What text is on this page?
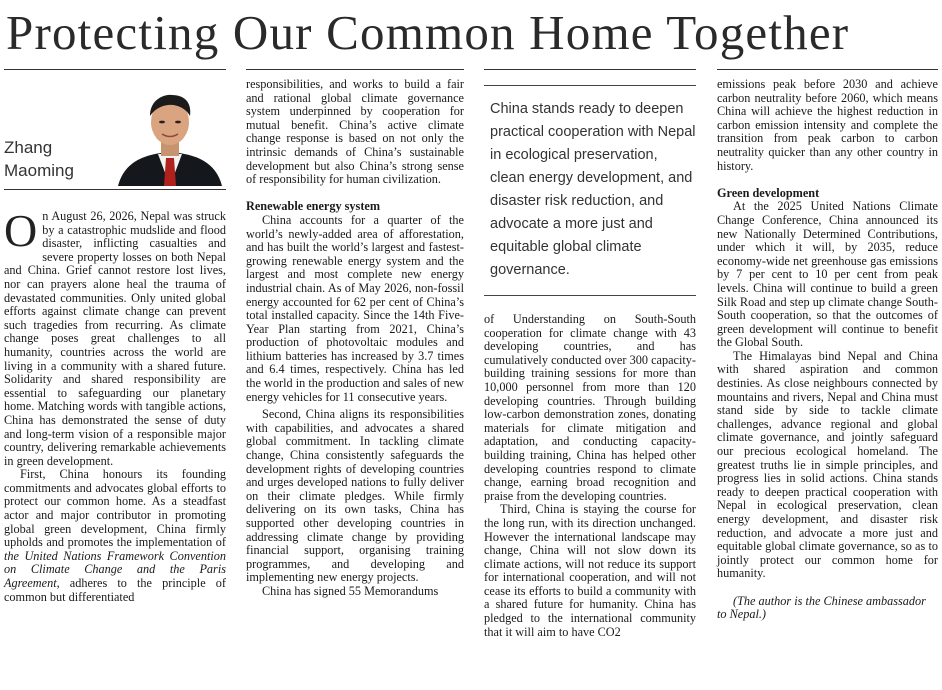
Protecting Our Common Home Together
Zhang
Maoming

On August 26, 2026, Nepal was struck by a catastrophic mudslide and flood disaster, inflicting casualties and severe property losses on both Nepal and China. Grief cannot restore lost lives, nor can prayers alone heal the trauma of devastated communities. Only united global efforts against climate change can prevent such tragedies from recurring. As climate change poses great challenges to all humanity, countries across the world are living in a community with a shared future. Solidarity and shared responsibility are essential to safeguarding our planetary home. Matching words with tangible actions, China has demonstrated the sense of duty and long-term vision of a responsible major country, delivering remarkable achievements in green development.

First, China honours its founding commitments and advocates global efforts to protect our common home. As a steadfast actor and major contributor in promoting global green development, China firmly upholds and promotes the implementation of the United Nations Framework Convention on Climate Change and the Paris Agreement, adheres to the principle of common but differentiated

responsibilities, and works to build a fair and rational global climate governance system underpinned by cooperation for mutual benefit. China’s active climate change response is based on not only the intrinsic demands of China’s sustainable development but also China’s strong sense of responsibility for human civilization.

Renewable energy system

China accounts for a quarter of the world’s newly-added area of afforestation, and has built the world’s largest and fastest-growing renewable energy system and the largest and most complete new energy industrial chain. As of May 2026, non-fossil energy accounted for 62 per cent of China’s total installed capacity. Since the 14th Five-Year Plan starting from 2021, China’s production of photovoltaic modules and lithium batteries has increased by 3.7 times and 6.4 times, respectively. China has led the world in the production and sales of new energy vehicles for 11 consecutive years.

Second, China aligns its responsibilities with capabilities, and advocates a shared global commitment. In tackling climate change, China consistently safeguards the development rights of developing countries and urges developed nations to fully deliver on their climate pledges. While firmly delivering on its own tasks, China has supported other developing countries in addressing climate change by providing financial support, organising training programmes, and developing and implementing new energy projects.

China has signed 55 Memorandums

China stands ready to deepen practical cooperation with Nepal in ecological preservation, clean energy development, and disaster risk reduction, and advocate a more just and equitable global climate governance.

of Understanding on South-South cooperation for climate change with 43 developing countries, and has cumulatively conducted over 300 capacity-building training sessions for more than 10,000 personnel from more than 120 developing countries. Through building low-carbon demonstration zones, donating materials for climate mitigation and adaptation, and conducting capacity-building training, China has helped other developing countries respond to climate change, earning broad recognition and praise from the developing countries.

Third, China is staying the course for the long run, with its direction unchanged. However the international landscape may change, China will not slow down its climate actions, will not reduce its support for international cooperation, and will not cease its efforts to build a community with a shared future for humanity. China has pledged to the international community that it will aim to have CO2

emissions peak before 2030 and achieve carbon neutrality before 2060, which means China will achieve the highest reduction in carbon emission intensity and complete the transition from peak carbon to carbon neutrality quicker than any other country in history.

Green development

At the 2025 United Nations Climate Change Conference, China announced its new Nationally Determined Contributions, under which it will, by 2035, reduce economy-wide net greenhouse gas emissions by 7 per cent to 10 per cent from peak levels. China will continue to build a green Silk Road and step up climate change South-South cooperation, so that the outcomes of green development will continue to benefit the Global South.

The Himalayas bind Nepal and China with shared aspiration and common destinies. As close neighbours connected by mountains and rivers, Nepal and China must stand side by side to tackle climate challenges, advance regional and global climate governance, and jointly safeguard our precious ecological homeland. The greatest truths lie in simple principles, and progress lies in solid actions. China stands ready to deepen practical cooperation with Nepal in ecological preservation, clean energy development, and disaster risk reduction, and advocate a more just and equitable global climate governance, so as to jointly protect our common home for humanity.

(The author is the Chinese ambassador to Nepal.)
